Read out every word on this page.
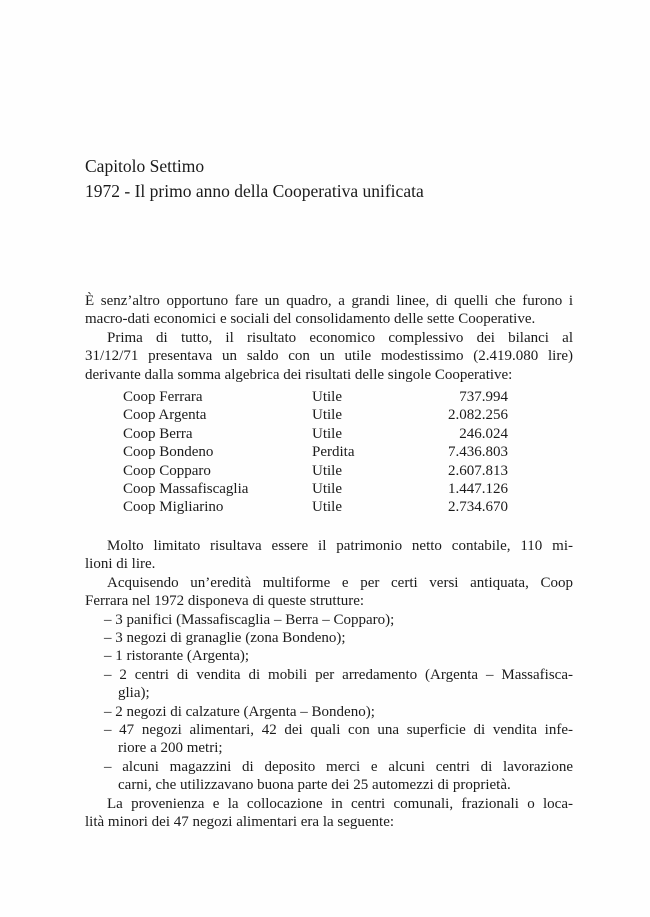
Capitolo Settimo
1972 - Il primo anno della Cooperativa unificata
È senz’altro opportuno fare un quadro, a grandi linee, di quelli che furono i
macro-dati economici e sociali del consolidamento delle sette Cooperative.
Prima di tutto, il risultato economico complessivo dei bilanci al
31/12/71 presentava un saldo con un utile modestissimo (2.419.080 lire)
derivante dalla somma algebrica dei risultati delle singole Cooperative:
Coop Ferrara	Utile	737.994
Coop Argenta	Utile	2.082.256
Coop Berra	Utile	246.024
Coop Bondeno	Perdita	7.436.803
Coop Copparo	Utile	2.607.813
Coop Massafiscaglia	Utile	1.447.126
Coop Migliarino	Utile	2.734.670
Molto limitato risultava essere il patrimonio netto contabile, 110 mi-
lioni di lire.
Acquisendo un’eredità multiforme e per certi versi antiquata, Coop
Ferrara nel 1972 disponeva di queste strutture:
– 3 panifici (Massafiscaglia – Berra – Copparo);
– 3 negozi di granaglie (zona Bondeno);
– 1 ristorante (Argenta);
– 2 centri di vendita di mobili per arredamento (Argenta – Massafisca-
glia);
– 2 negozi di calzature (Argenta – Bondeno);
– 47 negozi alimentari, 42 dei quali con una superficie di vendita infe-
riore a 200 metri;
– alcuni magazzini di deposito merci e alcuni centri di lavorazione
carni, che utilizzavano buona parte dei 25 automezzi di proprietà.
La provenienza e la collocazione in centri comunali, frazionali o loca-
lità minori dei 47 negozi alimentari era la seguente:
